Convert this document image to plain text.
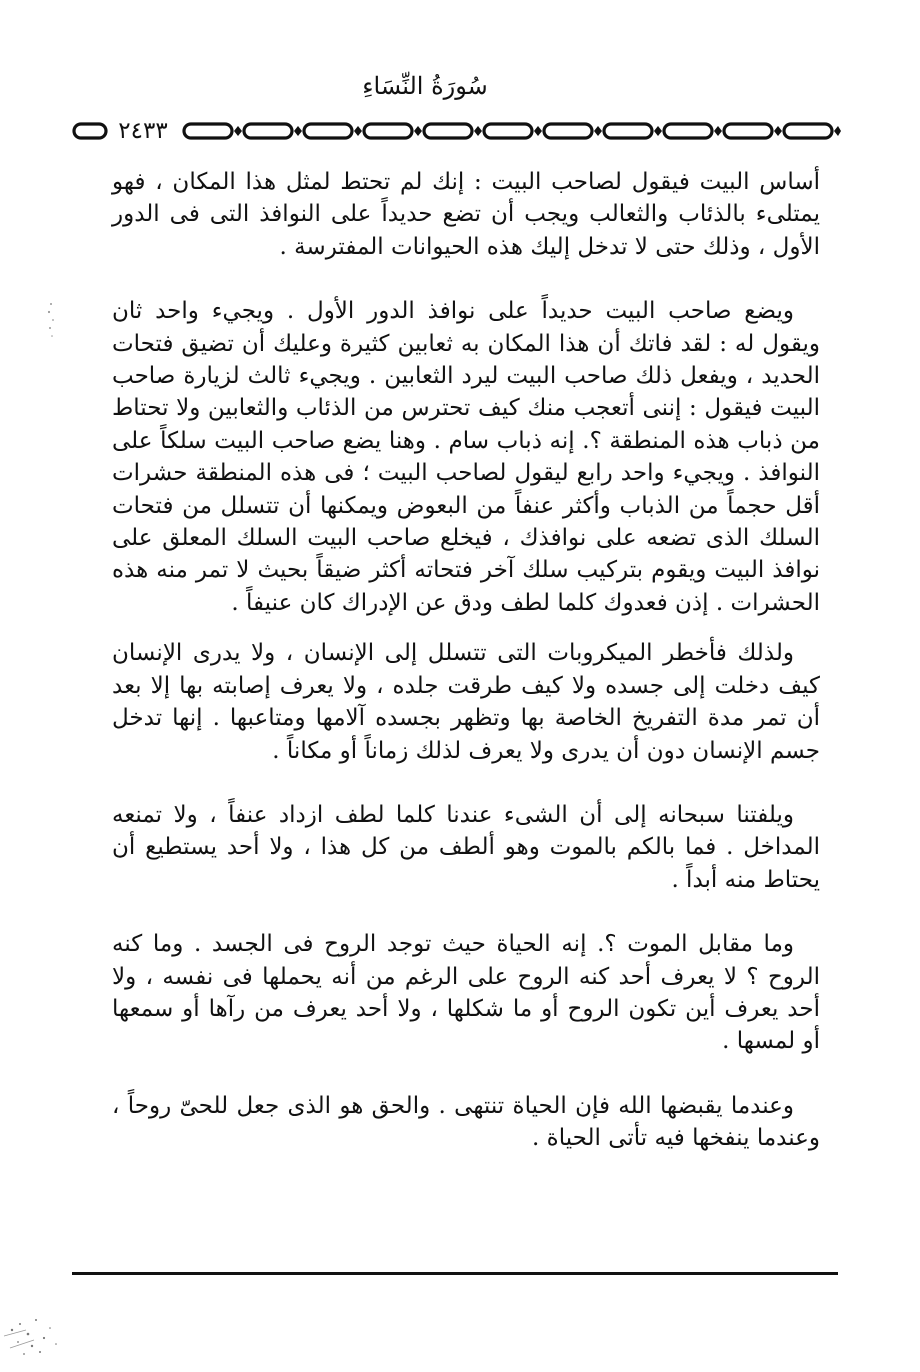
سُورَةُ النِّسَاءِ
٢٤٣٣

أساس البيت فيقول لصاحب البيت : إنك لم تحتط لمثل هذا المكان ، فهو يمتلىء بالذئاب والثعالب ويجب أن تضع حديداً على النوافذ التى فى الدور الأول ، وذلك حتى لا تدخل إليك هذه الحيوانات المفترسة .

ويضع صاحب البيت حديداً على نوافذ الدور الأول . ويجيء واحد ثان ويقول له : لقد فاتك أن هذا المكان به ثعابين كثيرة وعليك أن تضيق فتحات الحديد ، ويفعل ذلك صاحب البيت ليرد الثعابين . ويجيء ثالث لزيارة صاحب البيت فيقول : إننى أتعجب منك كيف تحترس من الذئاب والثعابين ولا تحتاط من ذباب هذه المنطقة ؟. إنه ذباب سام . وهنا يضع صاحب البيت سلكاً على النوافذ . ويجيء واحد رابع ليقول لصاحب البيت ؛ فى هذه المنطقة حشرات أقل حجماً من الذباب وأكثر عنفاً من البعوض ويمكنها أن تتسلل من فتحات السلك الذى تضعه على نوافذك ، فيخلع صاحب البيت السلك المعلق على نوافذ البيت ويقوم بتركيب سلك آخر فتحاته أكثر ضيقاً بحيث لا تمر منه هذه الحشرات . إذن فعدوك كلما لطف ودق عن الإدراك كان عنيفاً .

ولذلك فأخطر الميكروبات التى تتسلل إلى الإنسان ، ولا يدرى الإنسان كيف دخلت إلى جسده ولا كيف طرقت جلده ، ولا يعرف إصابته بها إلا بعد أن تمر مدة التفريخ الخاصة بها وتظهر بجسده آلامها ومتاعبها . إنها تدخل جسم الإنسان دون أن يدرى ولا يعرف لذلك زماناً أو مكاناً .

ويلفتنا سبحانه إلى أن الشىء عندنا كلما لطف ازداد عنفاً ، ولا تمنعه المداخل . فما بالكم بالموت وهو ألطف من كل هذا ، ولا أحد يستطيع أن يحتاط منه أبداً .

وما مقابل الموت ؟. إنه الحياة حيث توجد الروح فى الجسد . وما كنه الروح ؟ لا يعرف أحد كنه الروح على الرغم من أنه يحملها فى نفسه ، ولا أحد يعرف أين تكون الروح أو ما شكلها ، ولا أحد يعرف من رآها أو سمعها أو لمسها .

وعندما يقبضها الله فإن الحياة تنتهى . والحق هو الذى جعل للحىّ روحاً ، وعندما ينفخها فيه تأتى الحياة .
